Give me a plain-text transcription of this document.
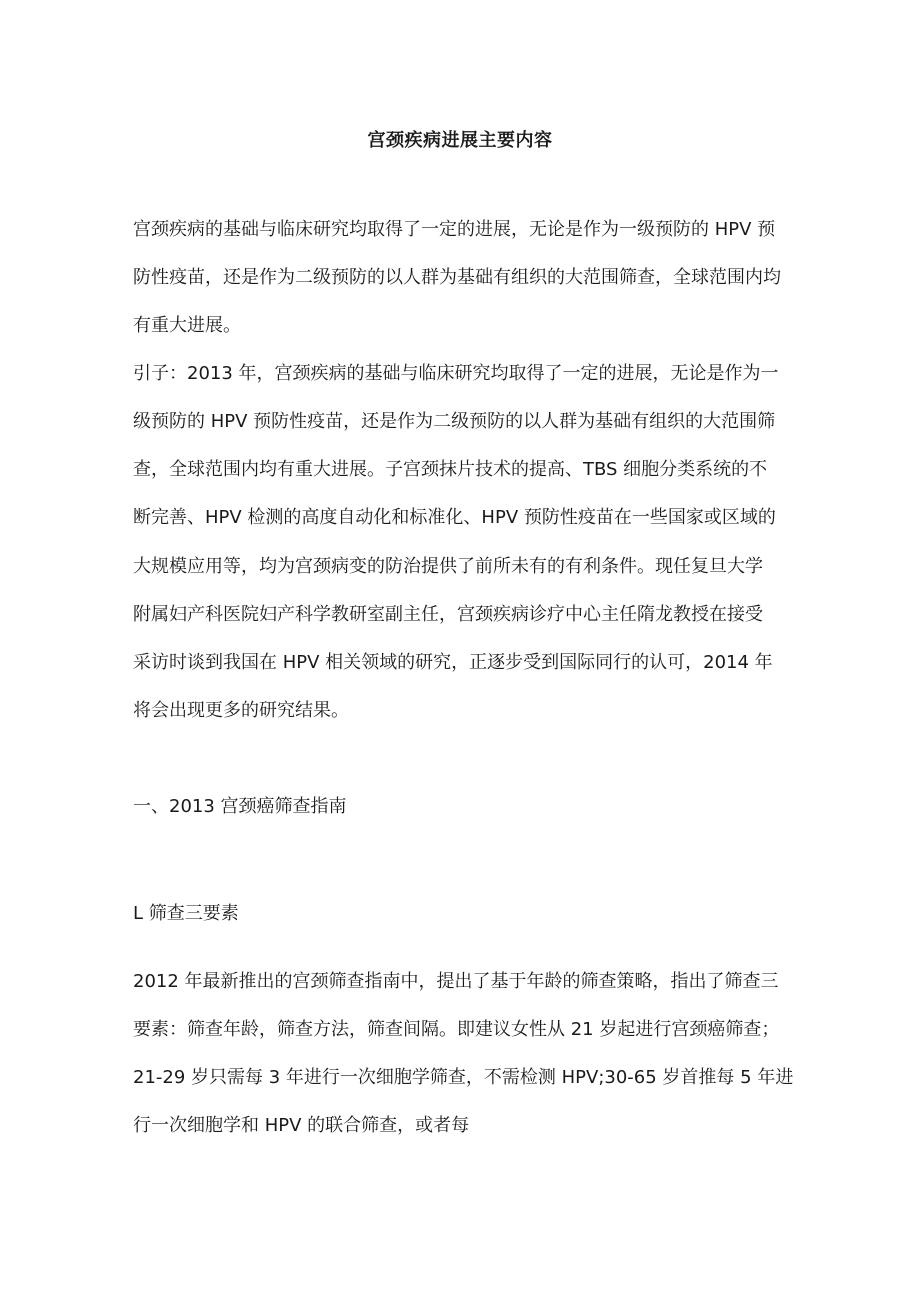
宫颈疾病进展主要内容

宫颈疾病的基础与临床研究均取得了一定的进展，无论是作为一级预防的 HPV 预

防性疫苗，还是作为二级预防的以人群为基础有组织的大范围筛查，全球范围内均

有重大进展。

引子：2013 年，宫颈疾病的基础与临床研究均取得了一定的进展，无论是作为一

级预防的 HPV 预防性疫苗，还是作为二级预防的以人群为基础有组织的大范围筛

查，全球范围内均有重大进展。子宫颈抹片技术的提高、TBS 细胞分类系统的不

断完善、HPV 检测的高度自动化和标准化、HPV 预防性疫苗在一些国家或区域的

大规模应用等，均为宫颈病变的防治提供了前所未有的有利条件。现任复旦大学

附属妇产科医院妇产科学教研室副主任，宫颈疾病诊疗中心主任隋龙教授在接受

采访时谈到我国在 HPV 相关领域的研究，正逐步受到国际同行的认可，2014 年

将会出现更多的研究结果。

一、2013 宫颈癌筛查指南
L 筛查三要素

2012 年最新推出的宫颈筛查指南中，提出了基于年龄的筛查策略，指出了筛查三

要素：筛查年龄，筛查方法，筛查间隔。即建议女性从 21 岁起进行宫颈癌筛查；

21-29 岁只需每 3 年进行一次细胞学筛查，不需检测 HPV;30-65 岁首推每 5 年进

行一次细胞学和 HPV 的联合筛查，或者每
